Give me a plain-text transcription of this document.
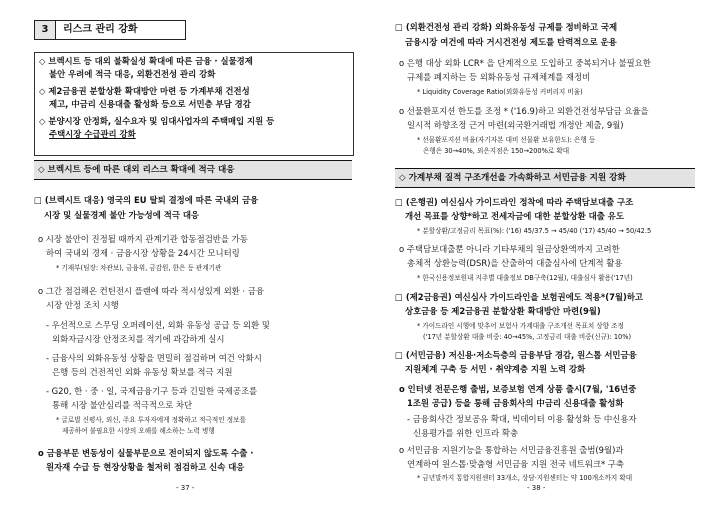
3	리스크 관리 강화
◇ 브렉시트 등 대외 불확실성 확대에 따른 금융 · 실물경제
불안 우려에 적극 대응, 외환건전성 관리 강화
◇ 제2금융권 분할상환 확대방안 마련 등 가계부채 건전성
제고, 中금리 신용대출 활성화 등으로 서민층 부담 경감
◇ 분양시장 안정화, 실수요자 및 임대사업자의 주택매입 지원 등
주택시장 수급관리 강화
◇ 브렉시트 등에 따른 대외 리스크 확대에 적극 대응
□ (브렉시트 대응) 영국의 EU 탈퇴 결정에 따른 국내외 금융
시장 및 실물경제 불안 가능성에 적극 대응
o 시장 불안이 진정될 때까지 관계기관 합동점검반을 가동
하여 국내외 경제 · 금융시장 상황을 24시간 모니터링
* 기재부(팀장: 차관보), 금융위, 금감원, 한은 등 관계기관
o 그간 점검해온 컨틴전시 플랜에 따라 적시성있게 외환 · 금융
시장 안정 조치 시행
- 우선적으로 스무딩 오퍼레이션, 외화 유동성 공급 등 외환 및
외화자금시장 안정조치를 적기에 과감하게 실시
- 금융사의 외화유동성 상황을 면밀히 점검하며 여건 악화시
은행 등의 건전적인 외화 유동성 확보를 적극 지원
- G20, 한 · 중 · 일, 국제금융기구 등과 긴밀한 국제공조를
통해 시장 불안심리를 적극적으로 차단
* 글로벌 신평사, 외신, 주요 투자자에게 정확하고 적극적인 정보를
제공하여 불필요한 시장의 오해를 해소하는 노력 병행
o 금융부문 변동성이 실물부문으로 전이되지 않도록 수출 ·
원자재 수급 등 현장상황을 철저히 점검하고 신속 대응
- 37 -
□ (외환건전성 관리 강화) 외화유동성 규제를 정비하고 국제
금융시장 여건에 따라 거시건전성 제도를 탄력적으로 운용
o 은행 대상 외화 LCR* 을 단계적으로 도입하고 중복되거나 불필요한
규제를 폐지하는 등 외화유동성 규제체계를 재정비
* Liquidity Coverage Ratio(외화유동성 커버리지 비율)
o 선물환포지션 한도를 조정 * ('16.9)하고 외환건전성부담금 요율을
일시적 하향조정 근거 마련(외국환거래법 개정안 제출, 9월)
* 선물환포지션 비율(자기자본 대비 선물환 보유한도): 은행 등
은행은 30→40%, 외은지점은 150→200%로 확대
◇ 가계부채 질적 구조개선을 가속화하고 서민금융 지원 강화
□ (은행권) 여신심사 가이드라인 정착에 따라 주택담보대출 구조
개선 목표를 상향*하고 전세자금에 대한 분할상환 대출 유도
* 분할상환/고정금리 목표(%): ('16) 45/37.5 → 45/40 ('17) 45/40 → 50/42.5
o 주택담보대출뿐 아니라 기타부채의 원금상환액까지 고려한
총체적 상환능력(DSR)을 산출하여 대출심사에 단계적 활용
* 한국신용정보원내 지주별 대출정보 DB구축(12월), 대출심사 활용('17년)
□ (제2금융권) 여신심사 가이드라인을 보험권에도 적용*(7월)하고
상호금융 등 제2금융권 분할상환 확대방안 마련(9월)
* 가이드라인 시행에 맞추어 보험사 가계대출 구조개선 목표치 상향 조정
('17년 분할상환 대출 비중: 40→45%, 고정금리 대출 비중(신규): 10%)
□ (서민금융) 저신용·저소득층의 금융부담 경감, 원스톱 서민금융
지원체계 구축 등 서민 · 취약계층 지원 노력 강화
o 인터넷 전문은행 출범, 보증보험 연계 상품 출시(7월, '16년중
1조원 공급) 등을 통해 금융회사의 中금리 신용대출 활성화
- 금융회사간 정보공유 확대, 빅데이터 이용 활성화 등 中신용자
신용평가를 위한 인프라 확충
o 서민금융 지원기능을 통합하는 서민금융진흥원 출범(9월)과
연계하여 원스톱·맞춤형 서민금융 지원 전국 네트워크* 구축
* 금년말까지 통합지원센터 33개소, 상담·지원센터는 약 100개소까지 확대
- 38 -
